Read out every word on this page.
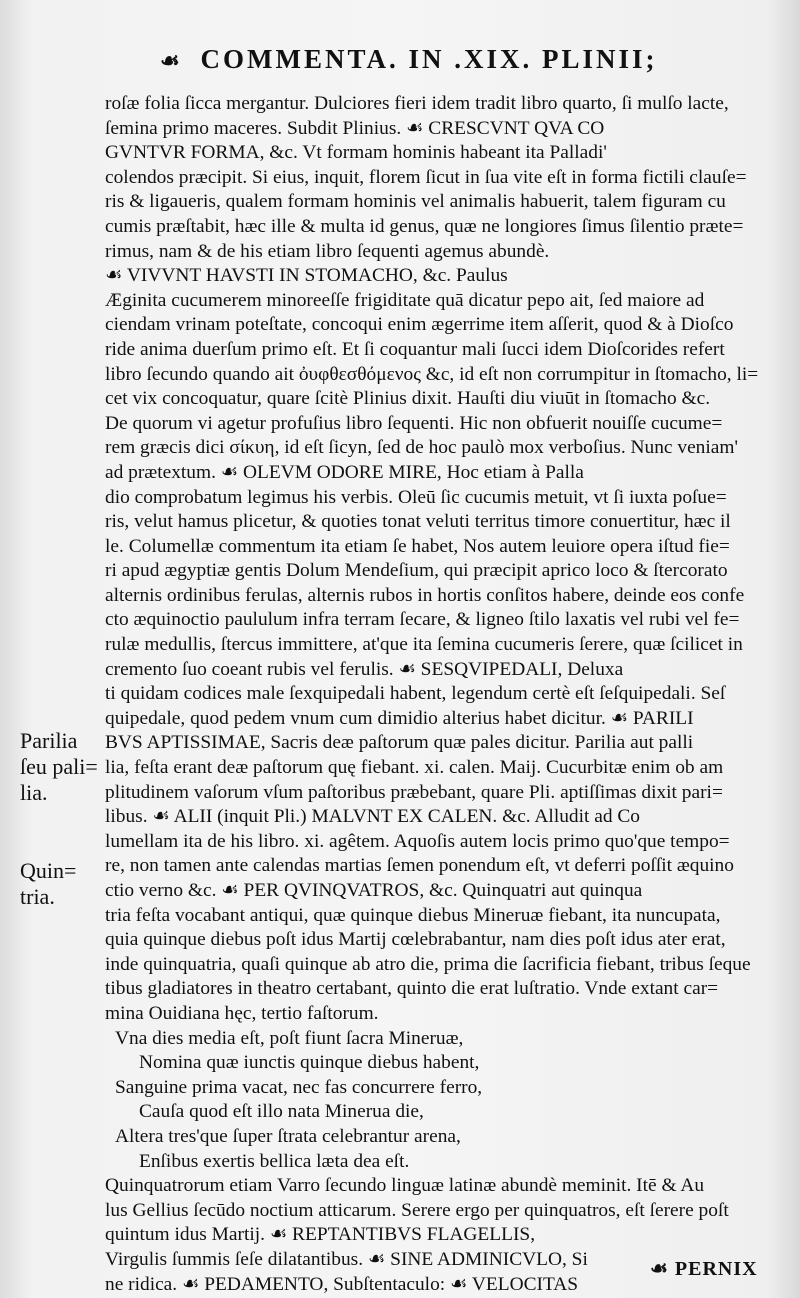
☙ COMMENTA. IN .XIX. PLINII;
roſæ folia ſicca mergantur. Dulciores fieri idem tradit libro quarto, ſi mulſo lacte,
ſemina primo maceres. Subdit Plinius. ☙ CRESCVNT QVA CO
GVNTVR FORMA, &c. Vt formam hominis habeant ita Palladi'
colendos præcipit. Si eius, inquit, florem ſicut in ſua vite eſt in forma fictili clauſe=
ris & ligaueris, qualem formam hominis vel animalis habuerit, talem figuram cu
cumis præſtabit, hæc ille & multa id genus, quæ ne longiores ſimus ſilentio præte=
rimus, nam & de his etiam libro ſequenti agemus abundè.
☙ VIVVNT HAVSTI IN STOMACHO, &c. Paulus
Æginita cucumerem minoreeſſe frigiditate quā dicatur pepo ait, ſed maiore ad
ciendam vrinam poteſtate, concoqui enim ægerrime item aſſerit, quod & à Dioſco
ride anima duerſum primo eſt. Et ſi coquantur mali ſucci idem Dioſcorides refert
libro ſecundo quando ait ὀυφθεσθόμενος &c, id eſt non corrumpitur in ſtomacho, li=
cet vix concoquatur, quare ſcitè Plinius dixit. Hauſti diu viuūt in ſtomacho &c.
De quorum vi agetur profuſius libro ſequenti. Hic non obfuerit nouiſſe cucume=
rem græcis dici σίκυη, id eſt ſicyn, ſed de hoc paulò mox verboſius. Nunc veniam'
ad prætextum. ☙ OLEVM ODORE MIRE, Hoc etiam à Palla
dio comprobatum legimus his verbis. Oleū ſic cucumis metuit, vt ſi iuxta poſue=
ris, velut hamus plicetur, & quoties tonat veluti territus timore conuertitur, hæc il
le. Columellæ commentum ita etiam ſe habet, Nos autem leuiore opera iſtud fie=
ri apud ægyptiæ gentis Dolum Mendeſium, qui præcipit aprico loco & ſtercorato
alternis ordinibus ferulas, alternis rubos in hortis conſitos habere, deinde eos confe
cto æquinoctio paululum infra terram ſecare, & ligneo ſtilo laxatis vel rubi vel fe=
rulæ medullis, ſtercus immittere, at'que ita ſemina cucumeris ſerere, quæ ſcilicet in
cremento ſuo coeant rubis vel ferulis. ☙ SESQVIPEDALI, Deluxa
ti quidam codices male ſexquipedali habent, legendum certè eſt ſeſquipedali. Seſ
quipedale, quod pedem vnum cum dimidio alterius habet dicitur. ☙ PARILI
BVS APTISSIMAE, Sacris deæ paſtorum quæ pales dicitur. Parilia aut palli
lia, feſta erant deæ paſtorum quę fiebant. xi. calen. Maij. Cucurbitæ enim ob am
plitudinem vaſorum vſum paſtoribus præbebant, quare Pli. aptiſſimas dixit pari=
libus. ☙ ALII (inquit Pli.) MALVNT EX CALEN. &c. Alludit ad Co
lumellam ita de his libro. xi. agêtem. Aquoſis autem locis primo quo'que tempo=
re, non tamen ante calendas martias ſemen ponendum eſt, vt deferri poſſit æquino
ctio verno &c. ☙ PER QVINQVATROS, &c. Quinquatri aut quinqua
tria feſta vocabant antiqui, quæ quinque diebus Mineruæ fiebant, ita nuncupata,
quia quinque diebus poſt idus Martij cœlebrabantur, nam dies poſt idus ater erat,
inde quinquatria, quaſi quinque ab atro die, prima die ſacrificia fiebant, tribus ſeque
tibus gladiatores in theatro certabant, quinto die erat luſtratio. Vnde extant car=
mina Ouidiana hęc, tertio faſtorum.
Vna dies media eſt, poſt fiunt ſacra Mineruæ,
Nomina quæ iunctis quinque diebus habent,
Sanguine prima vacat, nec fas concurrere ferro,
Cauſa quod eſt illo nata Minerua die,
Altera tres'que ſuper ſtrata celebrantur arena,
Enſibus exertis bellica læta dea eſt.
Quinquatrorum etiam Varro ſecundo linguæ latinæ abundè meminit. Itē & Au
lus Gellius ſecūdo noctium atticarum. Serere ergo per quinquatros, eſt ſerere poſt
quintum idus Martij. ☙ REPTANTIBVS FLAGELLIS,
Virgulis ſummis ſeſe dilatantibus. ☙ SINE ADMINICVLO, Si
ne ridica. ☙ PEDAMENTO, Subſtentaculo: ☙ VELOCITAS
Parilia
ſeu pali=
lia.
Quin=
tria.
☙ PERNIX
